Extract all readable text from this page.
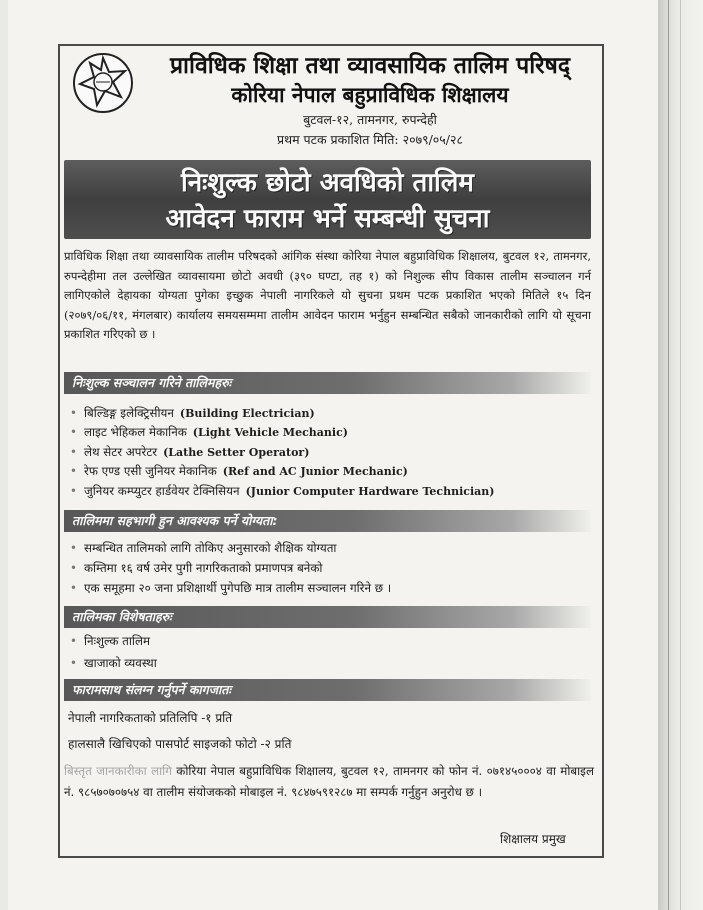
प्राविधिक शिक्षा तथा व्यावसायिक तालिम परिषद्
कोरिया नेपाल बहुप्राविधिक शिक्षालय
बुटवल-१२, तामनगर, रुपन्देही
प्रथम पटक प्रकाशित मिति: २०७९/०५/२८
निःशुल्क छोटो अवधिको तालिम
आवेदन फाराम भर्ने सम्बन्धी सुचना
प्राविधिक शिक्षा तथा व्यावसायिक तालीम परिषदको आंगिक संस्था कोरिया नेपाल बहुप्राविधिक शिक्षालय, बुटवल १२, तामनगर, रुपन्देहीमा तल उल्लेखित व्यावसायमा छोटो अवधी (३९० घण्टा, तह १) को निशुल्क सीप विकास तालीम सञ्चालन गर्न लागिएकोले देहायका योग्यता पुगेका इच्छुक नेपाली नागरिकले यो सुचना प्रथम पटक प्रकाशित भएको मितिले १५ दिन (२०७९/०६/११, मंगलबार) कार्यालय समयसम्ममा तालीम आवेदन फाराम भर्नुहुन सम्बन्धित सबैको जानकारीको लागि यो सूचना प्रकाशित गरिएको छ ।
निःशुल्क सञ्चालन गरिने तालिमहरुः
• बिल्डिङ्ग इलेक्ट्रिसीयन (Building Electrician)
• लाइट भेहिकल मेकानिक (Light Vehicle Mechanic)
• लेथ सेटर अपरेटर (Lathe Setter Operator)
• रेफ एण्ड एसी जुनियर मेकानिक (Ref and AC Junior Mechanic)
• जुनियर कम्प्युटर हार्डवेयर टेक्निसियन (Junior Computer Hardware Technician)
तालिममा सहभागी हुन आवश्यक पर्ने योग्यता:
• सम्बन्धित तालिमको लागि तोकिए अनुसारको शैक्षिक योग्यता
• कम्तिमा १६ वर्ष उमेर पुगी नागरिकताको प्रमाणपत्र बनेको
• एक समूहमा २० जना प्रशिक्षार्थी पुगेपछि मात्र तालीम सञ्चालन गरिने छ ।
तालिमका विशेषताहरुः
• निःशुल्क तालिम
• खाजाको व्यवस्था
फारामसाथ संलग्न गर्नुपर्ने कागजातः
नेपाली नागरिकताको प्रतिलिपि -१ प्रति
हालसालै खिचिएको पासपोर्ट साइजको फोटो -२ प्रति
बिस्तृत जानकारीका लागि कोरिया नेपाल बहुप्राविधिक शिक्षालय, बुटवल १२, तामनगर को फोन नं. ०७१४५०००४ वा मोबाइल नं. ९८५७०७०७५४ वा तालीम संयोजकको मोबाइल नं. ९८४७५९१२८७ मा सम्पर्क गर्नुहुन अनुरोध छ ।
शिक्षालय प्रमुख
